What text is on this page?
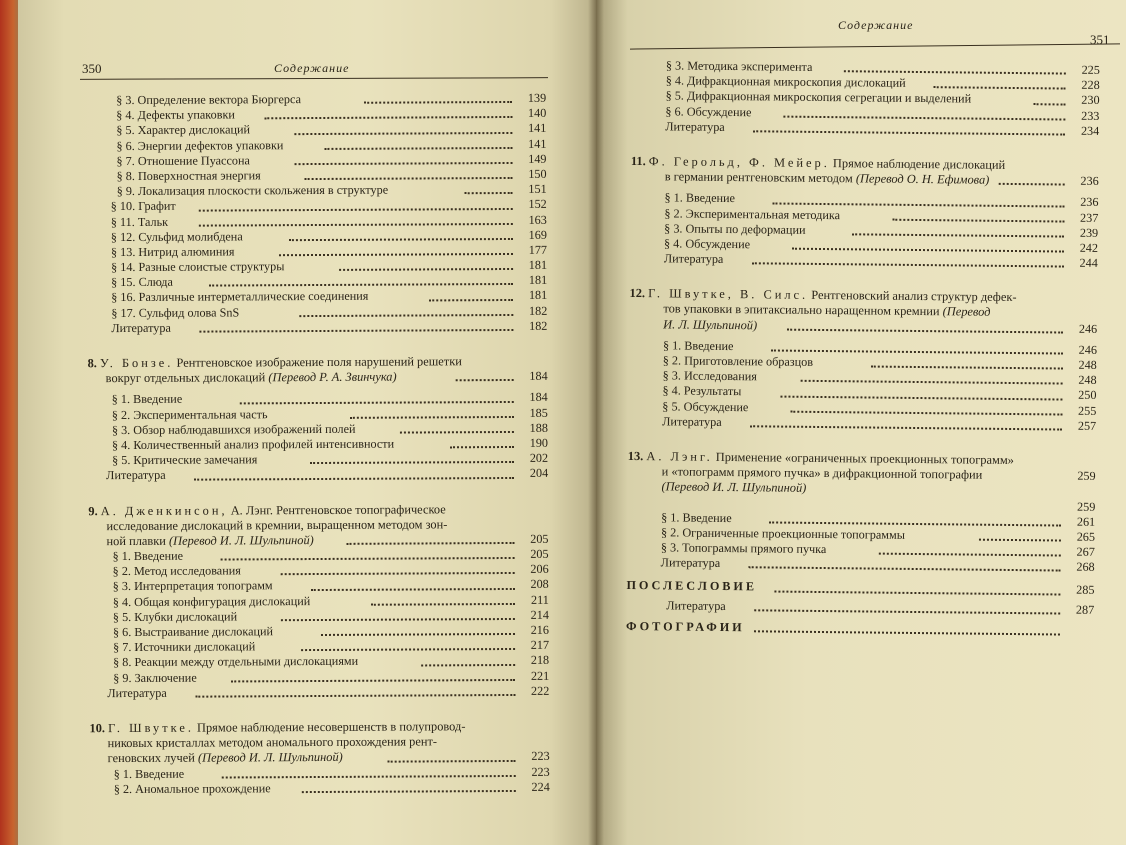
350	Содержание
§ 3. Определение вектора Бюргерса	139
§ 4. Дефекты упаковки	140
§ 5. Характер дислокаций	141
§ 6. Энергии дефектов упаковки	141
§ 7. Отношение Пуассона	149
§ 8. Поверхностная энергия	150
§ 9. Локализация плоскости скольжения в структуре	151
§ 10. Графит	152
§ 11. Тальк	163
§ 12. Сульфид молибдена	169
§ 13. Нитрид алюминия	177
§ 14. Разные слоистые структуры	181
§ 15. Слюда	181
§ 16. Различные интерметаллические соединения	181
§ 17. Сульфид олова SnS	182
Литература	182
8. У. Бонзе. Рентгеновское изображение поля нарушений решетки
вокруг отдельных дислокаций (Перевод Р. А. Звинчука)	184
§ 1. Введение	184
§ 2. Экспериментальная часть	185
§ 3. Обзор наблюдавшихся изображений полей	188
§ 4. Количественный анализ профилей интенсивности	190
§ 5. Критические замечания	202
Литература	204
9. А. Дженкинсон, А. Лэнг. Рентгеновское топографическое
исследование дислокаций в кремнии, выращенном методом зон-
ной плавки (Перевод И. Л. Шульпиной)	205
§ 1. Введение	205
§ 2. Метод исследования	206
§ 3. Интерпретация топограмм	208
§ 4. Общая конфигурация дислокаций	211
§ 5. Клубки дислокаций	214
§ 6. Выстраивание дислокаций	216
§ 7. Источники дислокаций	217
§ 8. Реакции между отдельными дислокациями	218
§ 9. Заключение	221
Литература	222
10. Г. Швутке. Прямое наблюдение несовершенств в полупровод-
никовых кристаллах методом аномального прохождения рент-
геновских лучей (Перевод И. Л. Шульпиной)	223
§ 1. Введение	223
§ 2. Аномальное прохождение	224
Содержание
351
§ 3. Методика эксперимента	225
§ 4. Дифракционная микроскопия дислокаций	228
§ 5. Дифракционная микроскопия сегрегации и выделений	230
§ 6. Обсуждение	233
Литература	234
11. Ф. Герольд, Ф. Мейер. Прямое наблюдение дислокаций
в германии рентгеновским методом (Перевод О. Н. Ефимова)	236
§ 1. Введение	236
§ 2. Экспериментальная методика	237
§ 3. Опыты по деформации	239
§ 4. Обсуждение	242
Литература	244
12. Г. Швутке, В. Силс. Рентгеновский анализ структур дефек-
тов упаковки в эпитаксиально наращенном кремнии (Перевод
И. Л. Шульпиной)	246
§ 1. Введение	246
§ 2. Приготовление образцов	248
§ 3. Исследования	248
§ 4. Результаты	250
§ 5. Обсуждение	255
Литература	257
13. А. Лэнг. Применение «ограниченных проекционных топограмм»
и «топограмм прямого пучка» в дифракционной топографии	259
(Перевод И. Л. Шульпиной)
259
§ 1. Введение	261
§ 2. Ограниченные проекционные топограммы	265
§ 3. Топограммы прямого пучка	267
Литература	268
ПОСЛЕСЛОВИЕ	285
Литература	287
ФОТОГРАФИИ
